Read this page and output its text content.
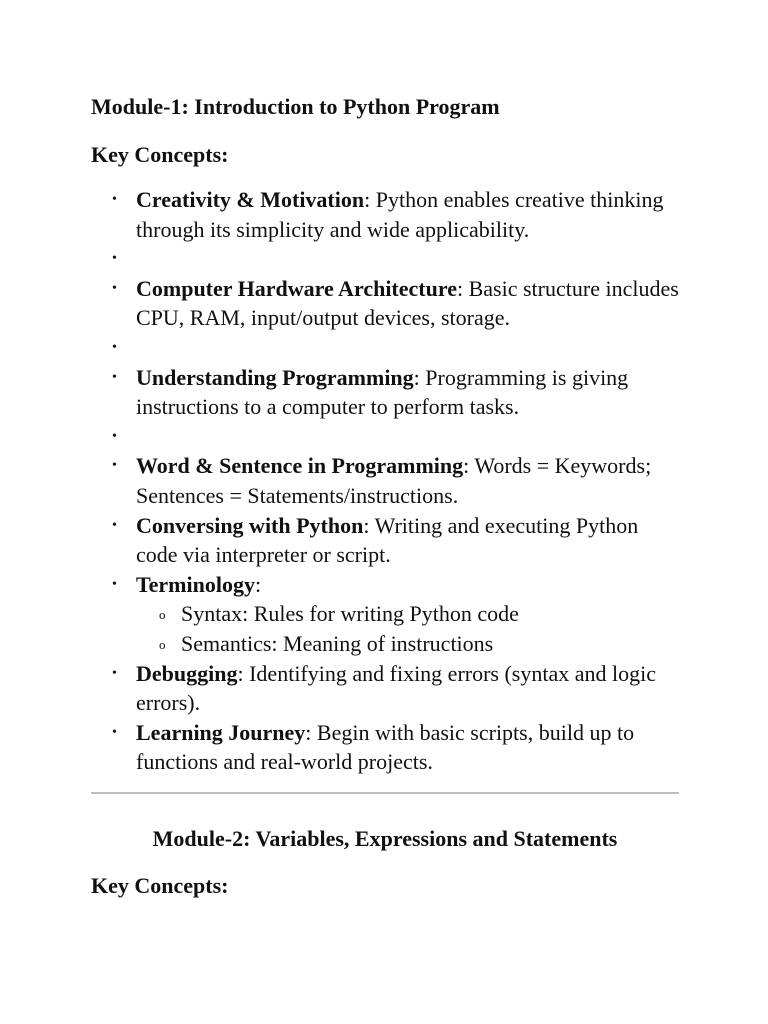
Module-1: Introduction to Python Program

Key Concepts:

• Creativity & Motivation: Python enables creative thinking through its simplicity and wide applicability.
•
• Computer Hardware Architecture: Basic structure includes CPU, RAM, input/output devices, storage.
•
• Understanding Programming: Programming is giving instructions to a computer to perform tasks.
•
• Word & Sentence in Programming: Words = Keywords; Sentences = Statements/instructions.
• Conversing with Python: Writing and executing Python code via interpreter or script.
• Terminology:
o Syntax: Rules for writing Python code
o Semantics: Meaning of instructions
• Debugging: Identifying and fixing errors (syntax and logic errors).
• Learning Journey: Begin with basic scripts, build up to functions and real-world projects.

Module-2: Variables, Expressions and Statements

Key Concepts:
